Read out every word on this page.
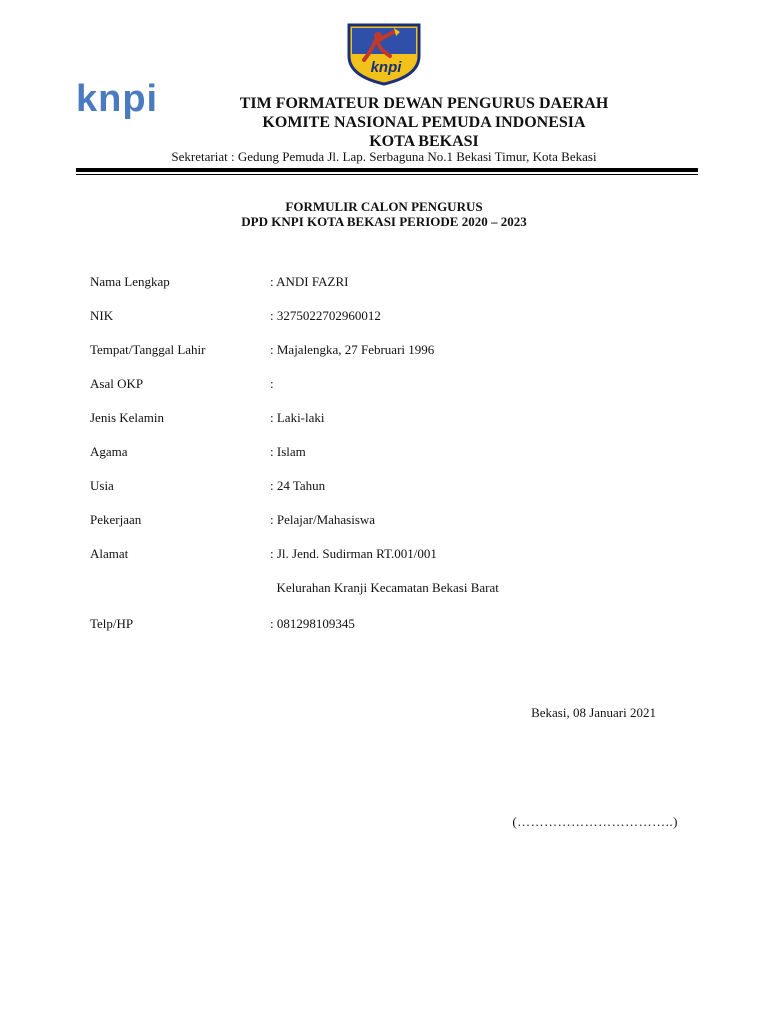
knpi
knpi	TIM FORMATEUR DEWAN PENGURUS DAERAH
KOMITE NASIONAL PEMUDA INDONESIA
KOTA BEKASI
Sekretariat : Gedung Pemuda Jl. Lap. Serbaguna No.1 Bekasi Timur, Kota Bekasi
FORMULIR CALON PENGURUS
DPD KNPI KOTA BEKASI PERIODE 2020 – 2023
Nama Lengkap	: ANDI FAZRI
NIK	: 3275022702960012
Tempat/Tanggal Lahir	: Majalengka, 27 Februari 1996
Asal OKP	:
Jenis Kelamin	: Laki-laki
Agama	: Islam
Usia	: 24 Tahun
Pekerjaan	: Pelajar/Mahasiswa
Alamat	: Jl. Jend. Sudirman RT.001/001
Kelurahan Kranji Kecamatan Bekasi Barat
Telp/HP	: 081298109345
Bekasi, 08 Januari 2021
(……………………………..)
